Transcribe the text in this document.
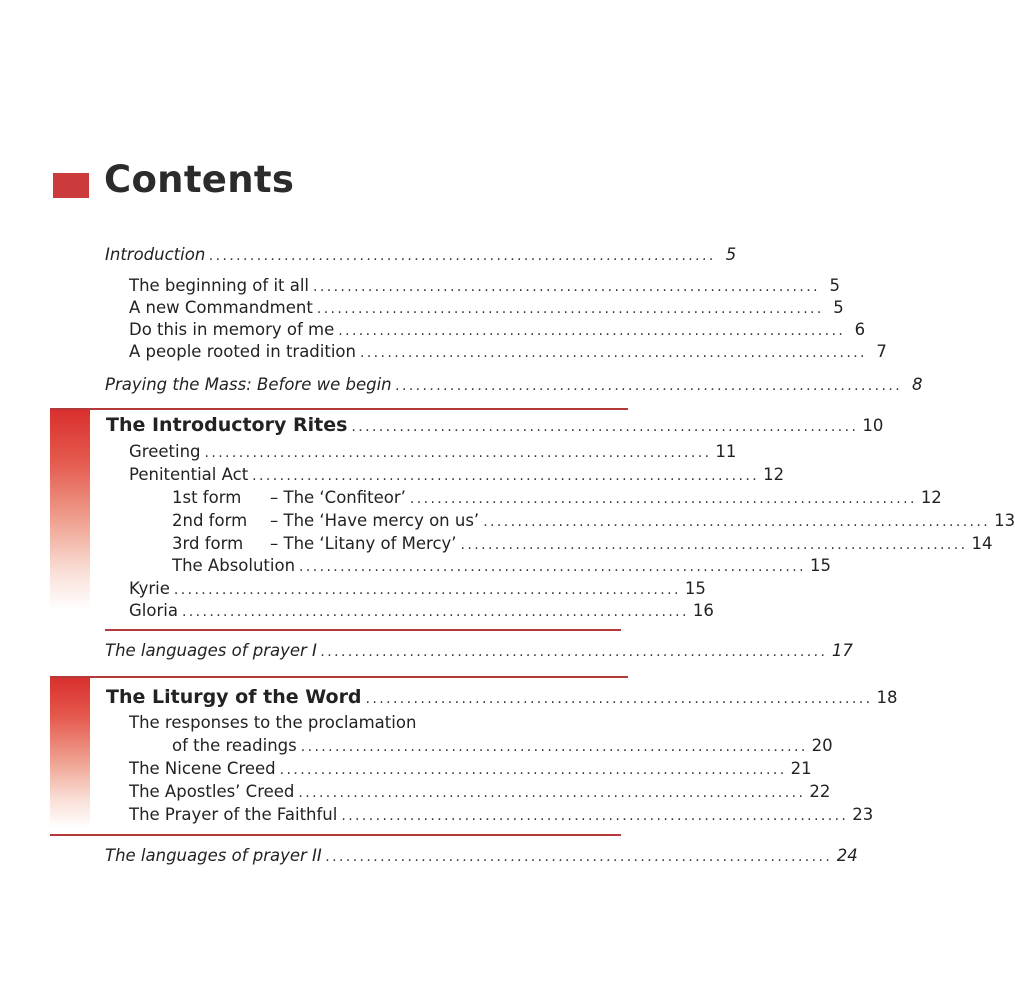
Contents
Introduction .......................................................................... 5
The beginning of it all .......................................................................... 5
A new Commandment .......................................................................... 5
Do this in memory of me .......................................................................... 6
A people rooted in tradition .......................................................................... 7
Praying the Mass: Before we begin .......................................................................... 8
The Introductory Rites .......................................................................... 10
Greeting .......................................................................... 11
Penitential Act .......................................................................... 12
1st form – The ‘Confiteor’ .......................................................................... 12
2nd form – The ‘Have mercy on us’ .......................................................................... 13
3rd form – The ‘Litany of Mercy’ .......................................................................... 14
The Absolution .......................................................................... 15
Kyrie .......................................................................... 15
Gloria .......................................................................... 16
The languages of prayer I .......................................................................... 17
The Liturgy of the Word .......................................................................... 18
The responses to the proclamation
of the readings .......................................................................... 20
The Nicene Creed .......................................................................... 21
The Apostles’ Creed .......................................................................... 22
The Prayer of the Faithful .......................................................................... 23
The languages of prayer II .......................................................................... 24
